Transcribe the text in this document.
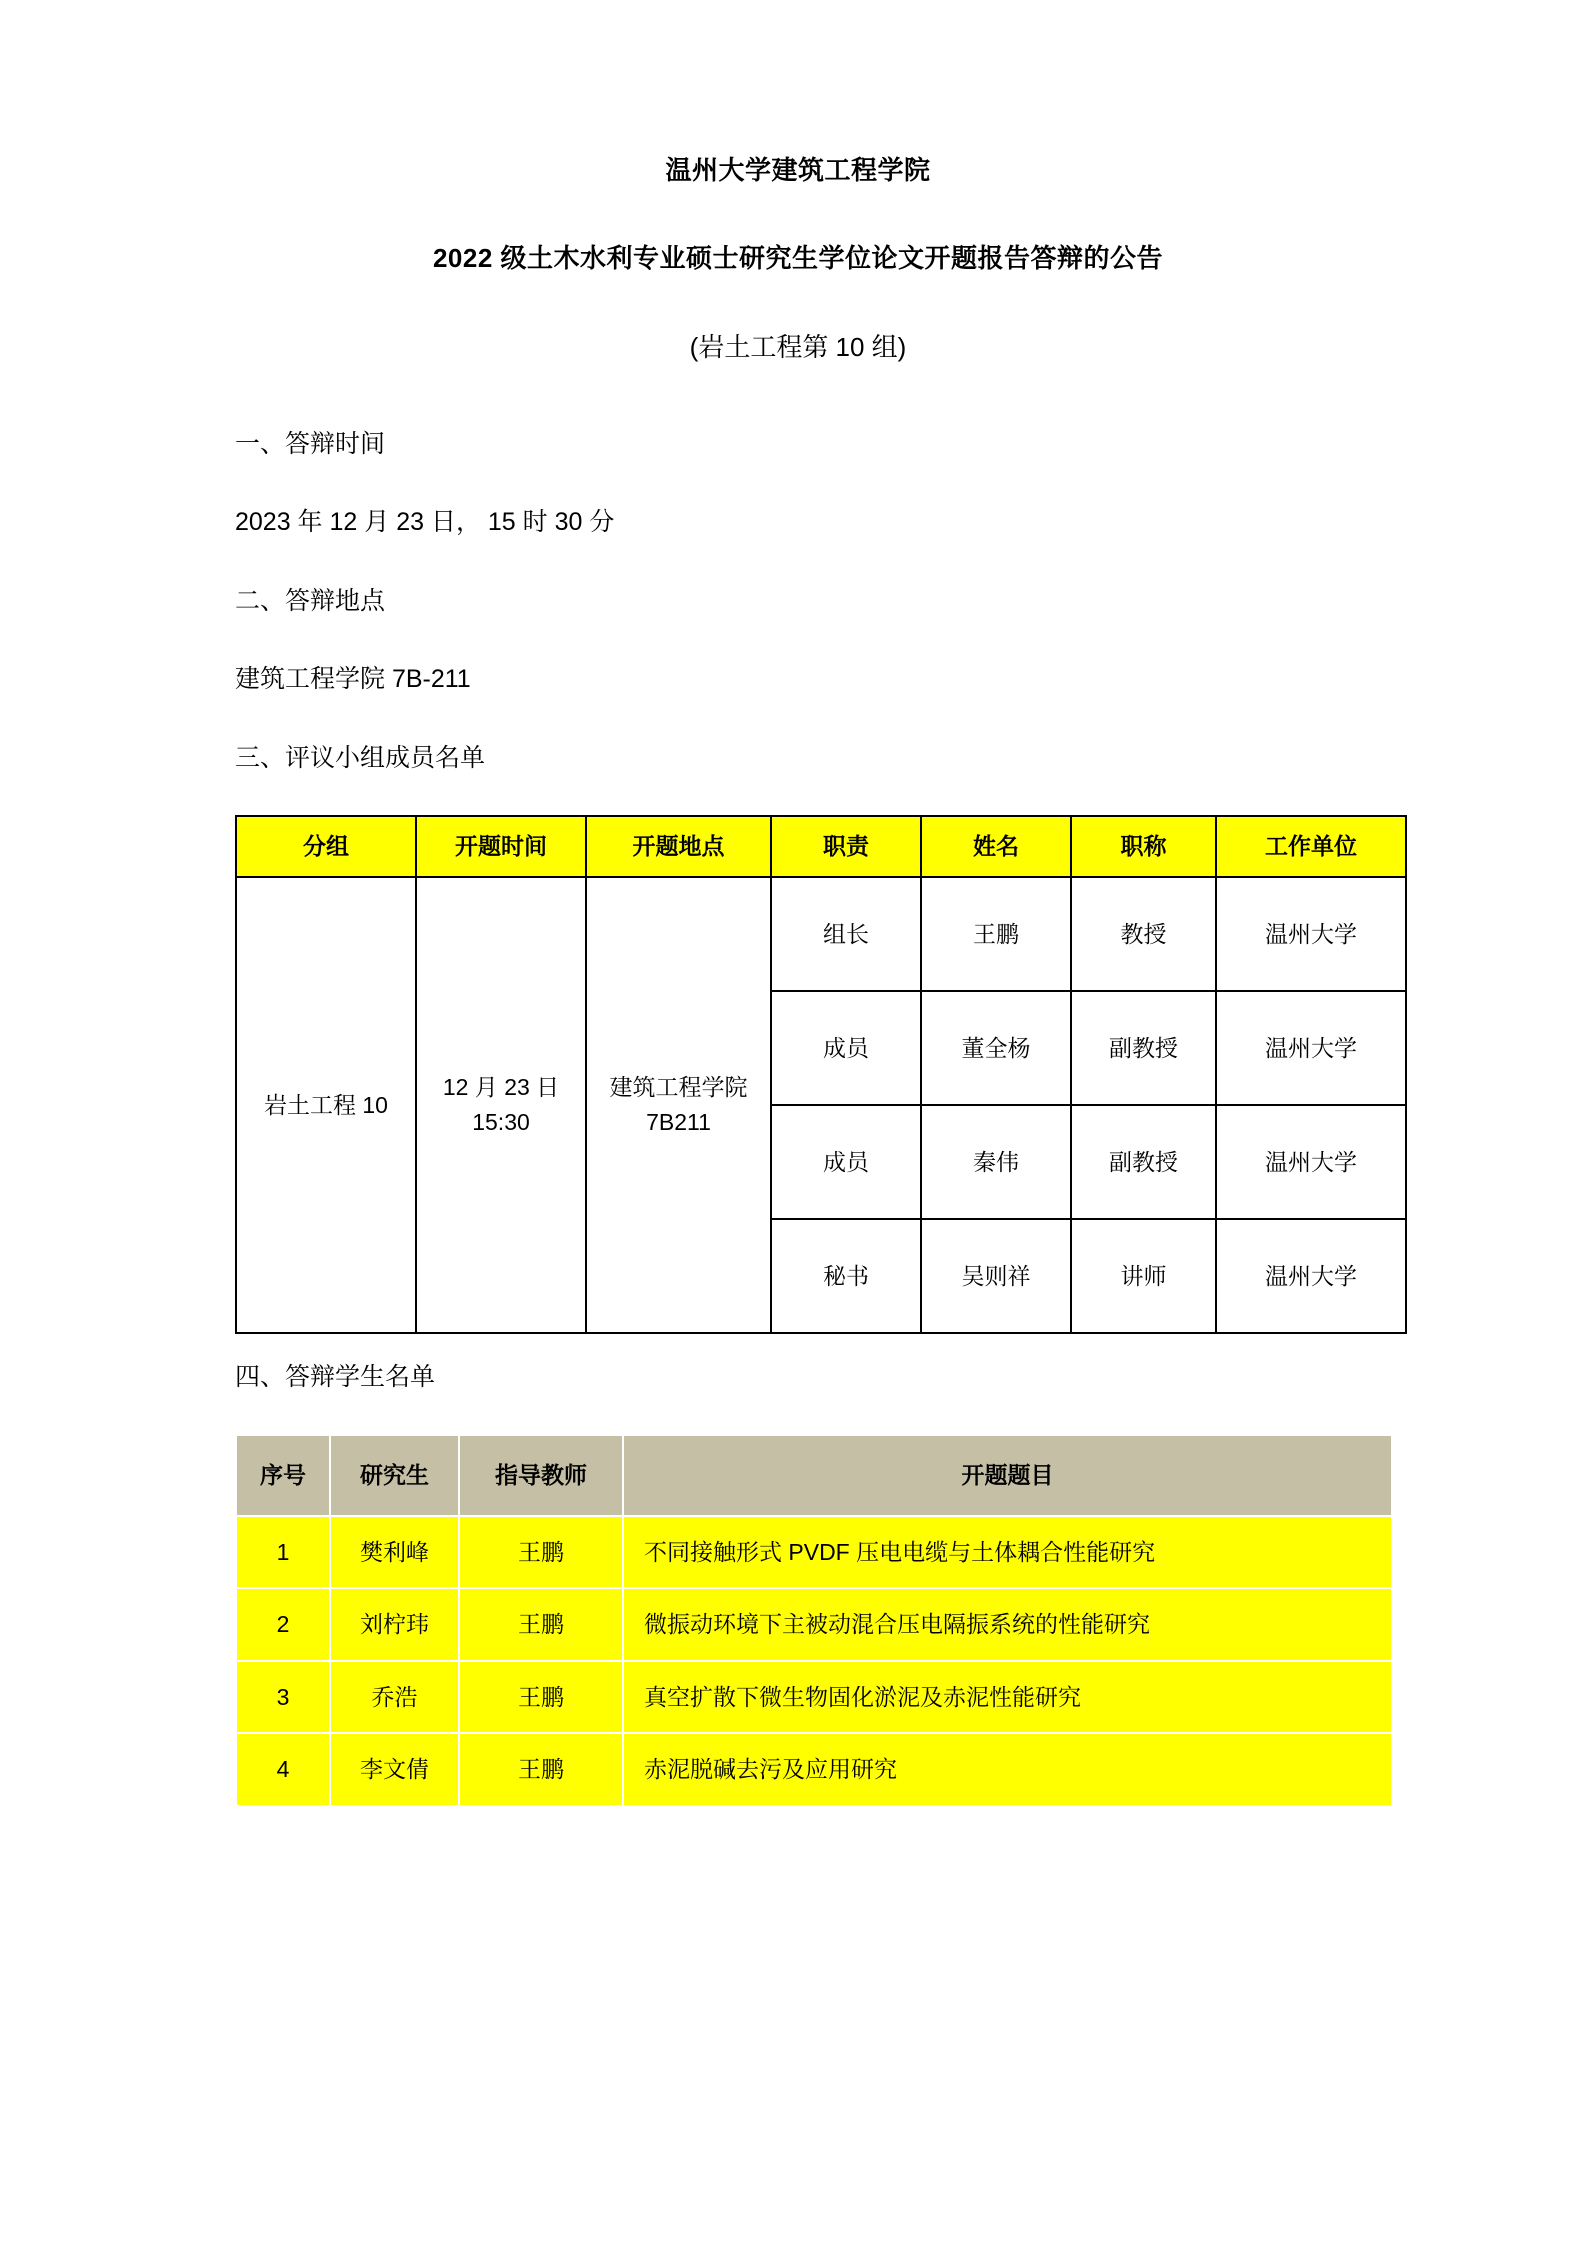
温州大学建筑工程学院
2022 级土木水利专业硕士研究生学位论文开题报告答辩的公告
(岩土工程第 10 组)
一、答辩时间
2023 年 12 月 23 日， 15 时 30 分
二、答辩地点
建筑工程学院 7B-211
三、评议小组成员名单
分组	开题时间	开题地点	职责	姓名	职称	工作单位
岩土工程 10	12 月 23 日 15:30	建筑工程学院 7B211	组长	王鹏	教授	温州大学
			成员	董全杨	副教授	温州大学
			成员	秦伟	副教授	温州大学
			秘书	吴则祥	讲师	温州大学
四、答辩学生名单
序号	研究生	指导教师	开题题目
1	樊利峰	王鹏	不同接触形式 PVDF 压电电缆与土体耦合性能研究
2	刘柠玮	王鹏	微振动环境下主被动混合压电隔振系统的性能研究
3	乔浩	王鹏	真空扩散下微生物固化淤泥及赤泥性能研究
4	李文倩	王鹏	赤泥脱碱去污及应用研究
